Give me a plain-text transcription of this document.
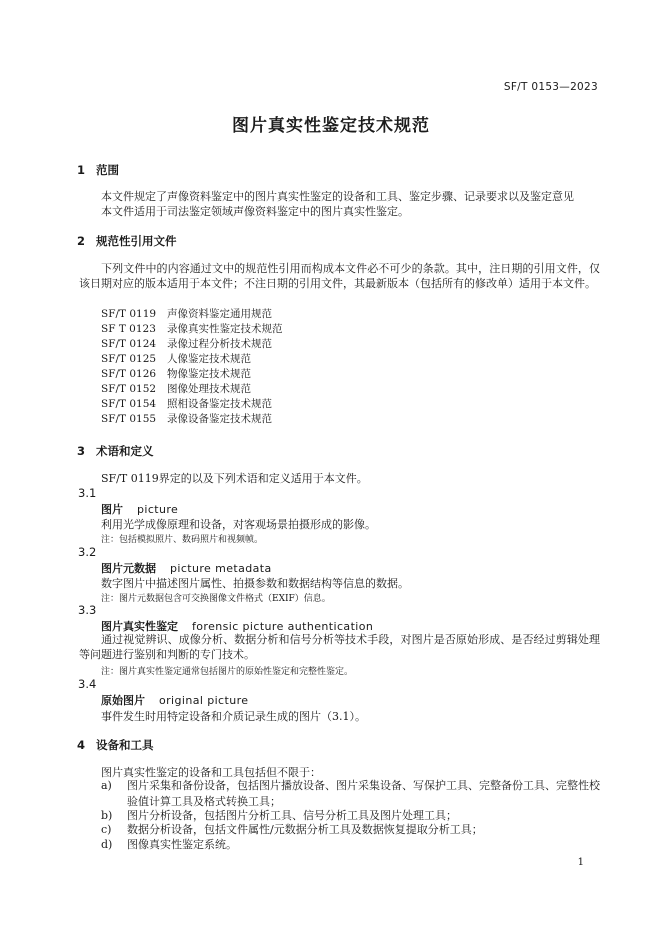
SF/T 0153—2023
图片真实性鉴定技术规范
1 范围
本文件规定了声像资料鉴定中的图片真实性鉴定的设备和工具、鉴定步骤、记录要求以及鉴定意见
本文件适用于司法鉴定领域声像资料鉴定中的图片真实性鉴定。
2 规范性引用文件
下列文件中的内容通过文中的规范性引用而构成本文件必不可少的条款。其中，注日期的引用文件，仅该日期对应的版本适用于本文件；不注日期的引用文件，其最新版本（包括所有的修改单）适用于本文件。
SF/T 0119 声像资料鉴定通用规范
SF T 0123 录像真实性鉴定技术规范
SF/T 0124 录像过程分析技术规范
SF/T 0125 人像鉴定技术规范
SF/T 0126 物像鉴定技术规范
SF/T 0152 图像处理技术规范
SF/T 0154 照相设备鉴定技术规范
SF/T 0155 录像设备鉴定技术规范
3 术语和定义
SF/T 0119界定的以及下列术语和定义适用于本文件。
3.1
图片 picture
利用光学成像原理和设备，对客观场景拍摄形成的影像。
注：包括模拟照片、数码照片和视频帧。
3.2
图片元数据 picture metadata
数字图片中描述图片属性、拍摄参数和数据结构等信息的数据。
注：图片元数据包含可交换图像文件格式（EXIF）信息。
3.3
图片真实性鉴定 forensic picture authentication
通过视觉辨识、成像分析、数据分析和信号分析等技术手段，对图片是否原始形成、是否经过剪辑处理等问题进行鉴别和判断的专门技术。
注：图片真实性鉴定通常包括图片的原始性鉴定和完整性鉴定。
3.4
原始图片 original picture
事件发生时用特定设备和介质记录生成的图片（3.1）。
4 设备和工具
图片真实性鉴定的设备和工具包括但不限于：
a) 图片采集和备份设备，包括图片播放设备、图片采集设备、写保护工具、完整备份工具、完整性校验值计算工具及格式转换工具；
b) 图片分析设备，包括图片分析工具、信号分析工具及图片处理工具；
c) 数据分析设备，包括文件属性/元数据分析工具及数据恢复提取分析工具；
d) 图像真实性鉴定系统。
1
